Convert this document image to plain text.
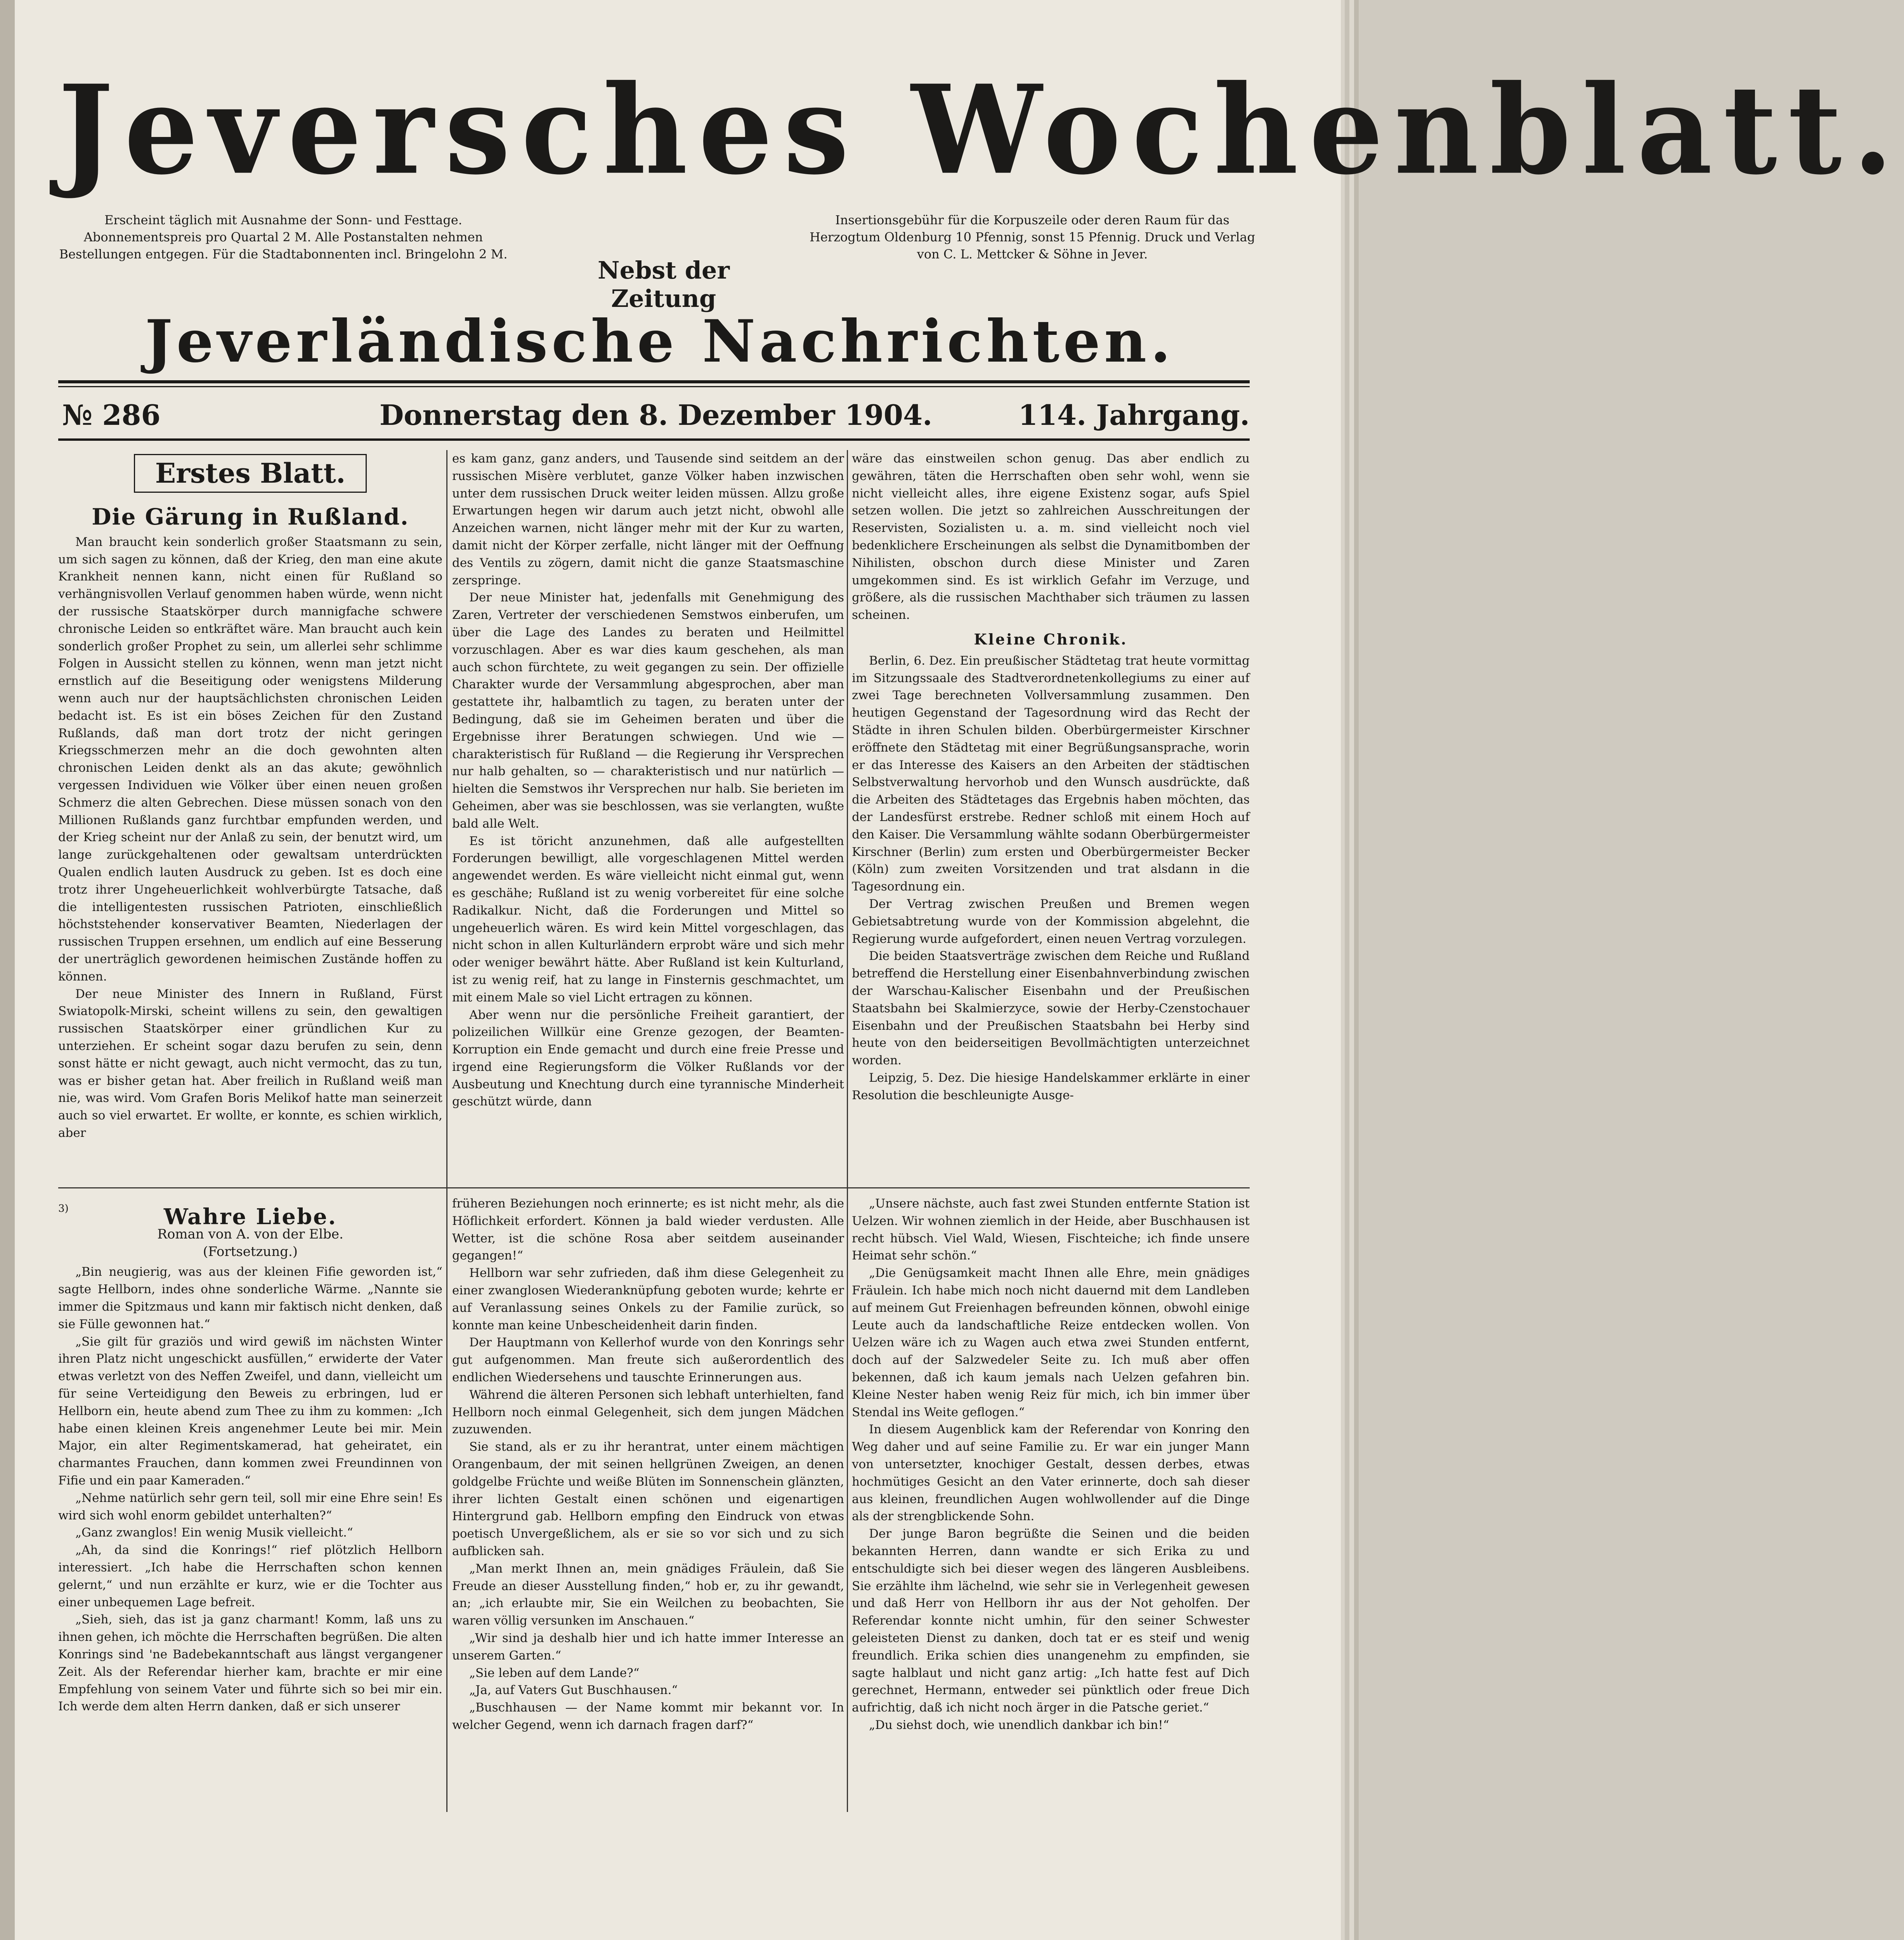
Jeversches Wochenblatt.
Erscheint täglich mit Ausnahme der Sonn- und Festtage. Abonnementspreis pro Quartal 2 M. Alle Postanstalten nehmen Bestellungen entgegen. Für die Stadtabonnenten incl. Bringelohn 2 M.
Nebst der Zeitung
Insertionsgebühr für die Korpuszeile oder deren Raum für das Herzogtum Oldenburg 10 Pfennig, sonst 15 Pfennig. Druck und Verlag von C. L. Mettcker & Söhne in Jever.
Jeverländische Nachrichten.
№ 286	Donnerstag den 8. Dezember 1904.	114. Jahrgang.
Erstes Blatt.
Die Gärung in Rußland.

Man braucht kein sonderlich großer Staatsmann zu sein, um sich sagen zu können, daß der Krieg, den man eine akute Krankheit nennen kann, nicht einen für Rußland so verhängnisvollen Verlauf genommen haben würde, wenn nicht der russische Staatskörper durch mannigfache schwere chronische Leiden so entkräftet wäre. Man braucht auch kein sonderlich großer Prophet zu sein, um allerlei sehr schlimme Folgen in Aussicht stellen zu können, wenn man jetzt nicht ernstlich auf die Beseitigung oder wenigstens Milderung wenn auch nur der hauptsächlichsten chronischen Leiden bedacht ist. Es ist ein böses Zeichen für den Zustand Rußlands, daß man dort trotz der nicht geringen Kriegsschmerzen mehr an die doch gewohnten alten chronischen Leiden denkt als an das akute; gewöhnlich vergessen Individuen wie Völker über einen neuen großen Schmerz die alten Gebrechen. Diese müssen sonach von den Millionen Rußlands ganz furchtbar empfunden werden, und der Krieg scheint nur der Anlaß zu sein, der benutzt wird, um lange zurückgehaltenen oder gewaltsam unterdrückten Qualen endlich lauten Ausdruck zu geben. Ist es doch eine trotz ihrer Ungeheuerlichkeit wohlverbürgte Tatsache, daß die intelligentesten russischen Patrioten, einschließlich höchststehender konservativer Beamten, Niederlagen der russischen Truppen ersehnen, um endlich auf eine Besserung der unerträglich gewordenen heimischen Zustände hoffen zu können.

Der neue Minister des Innern in Rußland, Fürst Swiatopolk-Mirski, scheint willens zu sein, den gewaltigen russischen Staatskörper einer gründlichen Kur zu unterziehen. Er scheint sogar dazu berufen zu sein, denn sonst hätte er nicht gewagt, auch nicht vermocht, das zu tun, was er bisher getan hat. Aber freilich in Rußland weiß man nie, was wird. Vom Grafen Boris Melikof hatte man seinerzeit auch so viel erwartet. Er wollte, er konnte, es schien wirklich, aber

es kam ganz, ganz anders, und Tausende sind seitdem an der russischen Misère verblutet, ganze Völker haben inzwischen unter dem russischen Druck weiter leiden müssen. Allzu große Erwartungen hegen wir darum auch jetzt nicht, obwohl alle Anzeichen warnen, nicht länger mehr mit der Kur zu warten, damit nicht der Körper zerfalle, nicht länger mit der Oeffnung des Ventils zu zögern, damit nicht die ganze Staatsmaschine zerspringe.

Der neue Minister hat, jedenfalls mit Genehmigung des Zaren, Vertreter der verschiedenen Semstwos einberufen, um über die Lage des Landes zu beraten und Heilmittel vorzuschlagen. Aber es war dies kaum geschehen, als man auch schon fürchtete, zu weit gegangen zu sein. Der offizielle Charakter wurde der Versammlung abgesprochen, aber man gestattete ihr, halbamtlich zu tagen, zu beraten unter der Bedingung, daß sie im Geheimen beraten und über die Ergebnisse ihrer Beratungen schwiegen. Und wie — charakteristisch für Rußland — die Regierung ihr Versprechen nur halb gehalten, so — charakteristisch und nur natürlich — hielten die Semstwos ihr Versprechen nur halb. Sie berieten im Geheimen, aber was sie beschlossen, was sie verlangten, wußte bald alle Welt.

Es ist töricht anzunehmen, daß alle aufgestellten Forderungen bewilligt, alle vorgeschlagenen Mittel werden angewendet werden. Es wäre vielleicht nicht einmal gut, wenn es geschähe; Rußland ist zu wenig vorbereitet für eine solche Radikalkur. Nicht, daß die Forderungen und Mittel so ungeheuerlich wären. Es wird kein Mittel vorgeschlagen, das nicht schon in allen Kulturländern erprobt wäre und sich mehr oder weniger bewährt hätte. Aber Rußland ist kein Kulturland, ist zu wenig reif, hat zu lange in Finsternis geschmachtet, um mit einem Male so viel Licht ertragen zu können.

Aber wenn nur die persönliche Freiheit garantiert, der polizeilichen Willkür eine Grenze gezogen, der Beamten-Korruption ein Ende gemacht und durch eine freie Presse und irgend eine Regierungsform die Völker Rußlands vor der Ausbeutung und Knechtung durch eine tyrannische Minderheit geschützt würde, dann

wäre das einstweilen schon genug. Das aber endlich zu gewähren, täten die Herrschaften oben sehr wohl, wenn sie nicht vielleicht alles, ihre eigene Existenz sogar, aufs Spiel setzen wollen. Die jetzt so zahlreichen Ausschreitungen der Reservisten, Sozialisten u. a. m. sind vielleicht noch viel bedenklichere Erscheinungen als selbst die Dynamitbomben der Nihilisten, obschon durch diese Minister und Zaren umgekommen sind. Es ist wirklich Gefahr im Verzuge, und größere, als die russischen Machthaber sich träumen zu lassen scheinen.

Kleine Chronik.

Berlin, 6. Dez. Ein preußischer Städtetag trat heute vormittag im Sitzungssaale des Stadtverordnetenkollegiums zu einer auf zwei Tage berechneten Vollversammlung zusammen. Den heutigen Gegenstand der Tagesordnung wird das Recht der Städte in ihren Schulen bilden. Oberbürgermeister Kirschner eröffnete den Städtetag mit einer Begrüßungsansprache, worin er das Interesse des Kaisers an den Arbeiten der städtischen Selbstverwaltung hervorhob und den Wunsch ausdrückte, daß die Arbeiten des Städtetages das Ergebnis haben möchten, das der Landesfürst erstrebe. Redner schloß mit einem Hoch auf den Kaiser. Die Versammlung wählte sodann Oberbürgermeister Kirschner (Berlin) zum ersten und Oberbürgermeister Becker (Köln) zum zweiten Vorsitzenden und trat alsdann in die Tagesordnung ein.

Der Vertrag zwischen Preußen und Bremen wegen Gebietsabtretung wurde von der Kommission abgelehnt, die Regierung wurde aufgefordert, einen neuen Vertrag vorzulegen.

Die beiden Staatsverträge zwischen dem Reiche und Rußland betreffend die Herstellung einer Eisenbahnverbindung zwischen der Warschau-Kalischer Eisenbahn und der Preußischen Staatsbahn bei Skalmierzyce, sowie der Herby-Czenstochauer Eisenbahn und der Preußischen Staatsbahn bei Herby sind heute von den beiderseitigen Bevollmächtigten unterzeichnet worden.

Leipzig, 5. Dez. Die hiesige Handelskammer erklärte in einer Resolution die beschleunigte Ausge-

3)	Wahre Liebe.
Roman von A. von der Elbe.
(Fortsetzung.)

„Bin neugierig, was aus der kleinen Fifie geworden ist,“ sagte Hellborn, indes ohne sonderliche Wärme. „Nannte sie immer die Spitzmaus und kann mir faktisch nicht denken, daß sie Fülle gewonnen hat.“

„Sie gilt für graziös und wird gewiß im nächsten Winter ihren Platz nicht ungeschickt ausfüllen,“ erwiderte der Vater etwas verletzt von des Neffen Zweifel, und dann, vielleicht um für seine Verteidigung den Beweis zu erbringen, lud er Hellborn ein, heute abend zum Thee zu ihm zu kommen: „Ich habe einen kleinen Kreis angenehmer Leute bei mir. Mein Major, ein alter Regimentskamerad, hat geheiratet, ein charmantes Frauchen, dann kommen zwei Freundinnen von Fifie und ein paar Kameraden.“

„Nehme natürlich sehr gern teil, soll mir eine Ehre sein! Es wird sich wohl enorm gebildet unterhalten?“

„Ganz zwanglos! Ein wenig Musik vielleicht.“

„Ah, da sind die Konrings!“ rief plötzlich Hellborn interessiert. „Ich habe die Herrschaften schon kennen gelernt,“ und nun erzählte er kurz, wie er die Tochter aus einer unbequemen Lage befreit.

„Sieh, sieh, das ist ja ganz charmant! Komm, laß uns zu ihnen gehen, ich möchte die Herrschaften begrüßen. Die alten Konrings sind 'ne Badebekanntschaft aus längst vergangener Zeit. Als der Referendar hierher kam, brachte er mir eine Empfehlung von seinem Vater und führte sich so bei mir ein. Ich werde dem alten Herrn danken, daß er sich unserer

früheren Beziehungen noch erinnerte; es ist nicht mehr, als die Höflichkeit erfordert. Können ja bald wieder verdusten. Alle Wetter, ist die schöne Rosa aber seitdem auseinander gegangen!“

Hellborn war sehr zufrieden, daß ihm diese Gelegenheit zu einer zwanglosen Wiederanknüpfung geboten wurde; kehrte er auf Veranlassung seines Onkels zu der Familie zurück, so konnte man keine Unbescheidenheit darin finden.

Der Hauptmann von Kellerhof wurde von den Konrings sehr gut aufgenommen. Man freute sich außerordentlich des endlichen Wiedersehens und tauschte Erinnerungen aus.

Während die älteren Personen sich lebhaft unterhielten, fand Hellborn noch einmal Gelegenheit, sich dem jungen Mädchen zuzuwenden.

Sie stand, als er zu ihr herantrat, unter einem mächtigen Orangenbaum, der mit seinen hellgrünen Zweigen, an denen goldgelbe Früchte und weiße Blüten im Sonnenschein glänzten, ihrer lichten Gestalt einen schönen und eigenartigen Hintergrund gab. Hellborn empfing den Eindruck von etwas poetisch Unvergeßlichem, als er sie so vor sich und zu sich aufblicken sah.

„Man merkt Ihnen an, mein gnädiges Fräulein, daß Sie Freude an dieser Ausstellung finden,“ hob er, zu ihr gewandt, an; „ich erlaubte mir, Sie ein Weilchen zu beobachten, Sie waren völlig versunken im Anschauen.“

„Wir sind ja deshalb hier und ich hatte immer Interesse an unserem Garten.“

„Sie leben auf dem Lande?“

„Ja, auf Vaters Gut Buschhausen.“

„Buschhausen — der Name kommt mir bekannt vor. In welcher Gegend, wenn ich darnach fragen darf?“

„Unsere nächste, auch fast zwei Stunden entfernte Station ist Uelzen. Wir wohnen ziemlich in der Heide, aber Buschhausen ist recht hübsch. Viel Wald, Wiesen, Fischteiche; ich finde unsere Heimat sehr schön.“

„Die Genügsamkeit macht Ihnen alle Ehre, mein gnädiges Fräulein. Ich habe mich noch nicht dauernd mit dem Landleben auf meinem Gut Freienhagen befreunden können, obwohl einige Leute auch da landschaftliche Reize entdecken wollen. Von Uelzen wäre ich zu Wagen auch etwa zwei Stunden entfernt, doch auf der Salzwedeler Seite zu. Ich muß aber offen bekennen, daß ich kaum jemals nach Uelzen gefahren bin. Kleine Nester haben wenig Reiz für mich, ich bin immer über Stendal ins Weite geflogen.“

In diesem Augenblick kam der Referendar von Konring den Weg daher und auf seine Familie zu. Er war ein junger Mann von untersetzter, knochiger Gestalt, dessen derbes, etwas hochmütiges Gesicht an den Vater erinnerte, doch sah dieser aus kleinen, freundlichen Augen wohlwollender auf die Dinge als der strengblickende Sohn.

Der junge Baron begrüßte die Seinen und die beiden bekannten Herren, dann wandte er sich Erika zu und entschuldigte sich bei dieser wegen des längeren Ausbleibens. Sie erzählte ihm lächelnd, wie sehr sie in Verlegenheit gewesen und daß Herr von Hellborn ihr aus der Not geholfen. Der Referendar konnte nicht umhin, für den seiner Schwester geleisteten Dienst zu danken, doch tat er es steif und wenig freundlich. Erika schien dies unangenehm zu empfinden, sie sagte halblaut und nicht ganz artig: „Ich hatte fest auf Dich gerechnet, Hermann, entweder sei pünktlich oder freue Dich aufrichtig, daß ich nicht noch ärger in die Patsche geriet.“

„Du siehst doch, wie unendlich dankbar ich bin!“
